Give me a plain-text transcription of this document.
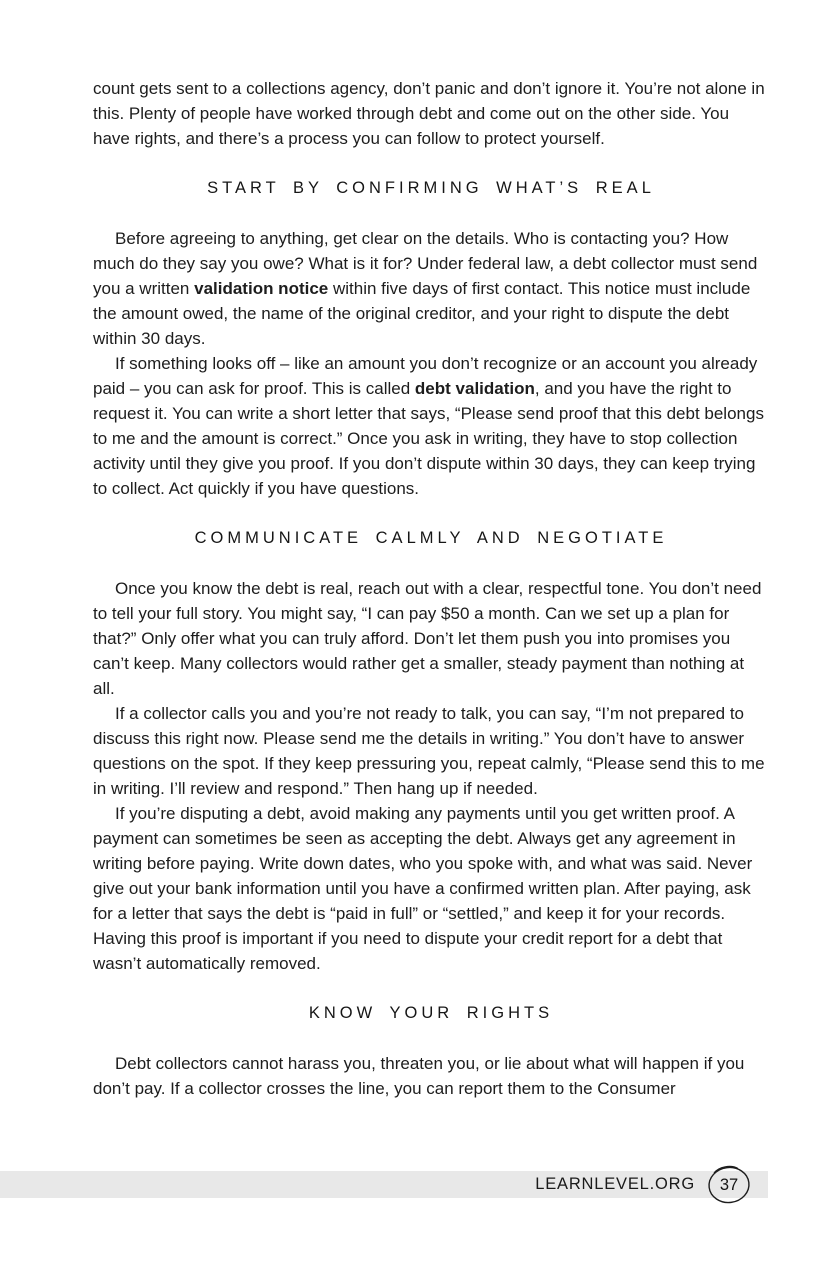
count gets sent to a collections agency, don’t panic and don’t ignore it. You’re not alone in this. Plenty of people have worked through debt and come out on the other side. You have rights, and there’s a process you can follow to protect yourself.

START BY CONFIRMING WHAT’S REAL

Before agreeing to anything, get clear on the details. Who is contacting you? How much do they say you owe? What is it for? Under federal law, a debt collector must send you a written validation notice within five days of first contact. This notice must include the amount owed, the name of the original creditor, and your right to dispute the debt within 30 days.

If something looks off – like an amount you don’t recognize or an account you already paid – you can ask for proof. This is called debt validation, and you have the right to request it. You can write a short letter that says, “Please send proof that this debt belongs to me and the amount is correct.” Once you ask in writing, they have to stop collection activity until they give you proof. If you don’t dispute within 30 days, they can keep trying to collect. Act quickly if you have questions.

COMMUNICATE CALMLY AND NEGOTIATE

Once you know the debt is real, reach out with a clear, respectful tone. You don’t need to tell your full story. You might say, “I can pay $50 a month. Can we set up a plan for that?” Only offer what you can truly afford. Don’t let them push you into promises you can’t keep. Many collectors would rather get a smaller, steady payment than nothing at all.

If a collector calls you and you’re not ready to talk, you can say, “I’m not prepared to discuss this right now. Please send me the details in writing.” You don’t have to answer questions on the spot. If they keep pressuring you, repeat calmly, “Please send this to me in writing. I’ll review and respond.” Then hang up if needed.

If you’re disputing a debt, avoid making any payments until you get written proof. A payment can sometimes be seen as accepting the debt. Always get any agreement in writing before paying. Write down dates, who you spoke with, and what was said. Never give out your bank information until you have a confirmed written plan. After paying, ask for a letter that says the debt is “paid in full” or “settled,” and keep it for your records. Having this proof is important if you need to dispute your credit report for a debt that wasn’t automatically removed.

KNOW YOUR RIGHTS

Debt collectors cannot harass you, threaten you, or lie about what will happen if you don’t pay. If a collector crosses the line, you can report them to the Consumer

LEARNLEVEL.ORG	37
